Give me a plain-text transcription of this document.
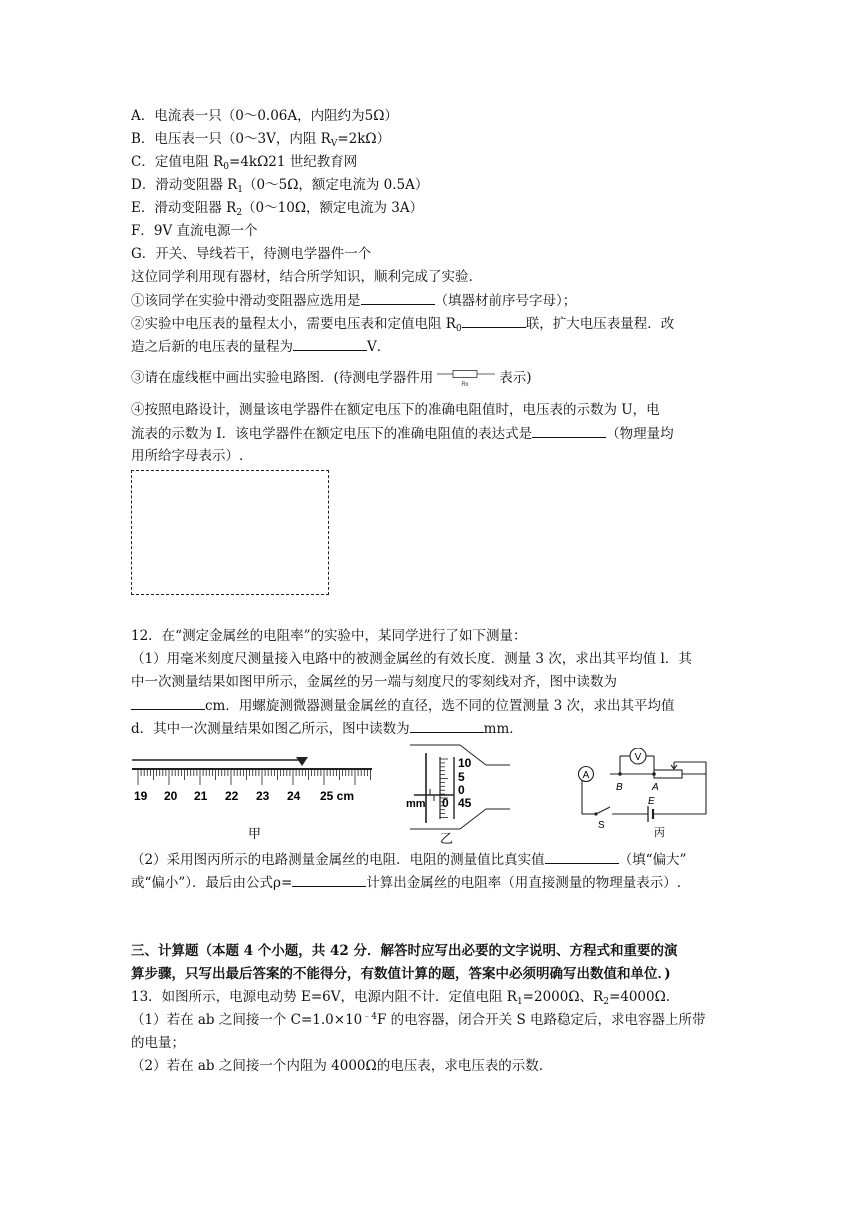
A．电流表一只（0～0.06A，内阻约为5Ω）
B．电压表一只（0～3V，内阻 $R_V=2k\Omega$）
C．定值电阻 $R_0=4k\Omega 21$ 世纪教育网
D．滑动变阻器 $R_1(0\sim 5\Omega$，额定电流为 0.5A）
E．滑动变阻器 $R_2(0\sim 10\Omega$，额定电流为 3A）
F．9V 直流电源一个
G．开关、导线若干，待测电学器件一个
这位同学利用现有器材，结合所学知识，顺利完成了实验.
①该同学在实验中滑动变阻器应选用是	（填器材前序号字母）；
②实验中电压表的量程太小，需要电压表和定值电阻 $R_0$	联，扩大电压表量程．改
造之后新的电压表的量程为	V．
③请在虚线框中画出实验电路图．(待测电学器件用	Rx 表示)
④按照电路设计，测量该电学器件在额定电压下的准确电阻值时，电压表的示数为 U，电
流表的示数为 I．该电学器件在额定电压下的准确电阻值的表达式是	（物理量均
用所给字母表示）.
12．在“测定金属丝的电阻率”的实验中，某同学进行了如下测量：
（1）用毫米刻度尺测量接入电路中的被测金属丝的有效长度．测量 3 次，求出其平均值 l．其
中一次测量结果如图甲所示，金属丝的另一端与刻度尺的零刻线对齐，图中读数为
cm．用螺旋测微器测量金属丝的直径，选不同的位置测量 3 次，求出其平均值
d．其中一次测量结果如图乙所示，图中读数为	mm．
19 20 21 22 23 24 25 cm
甲
10
5
0
45
mm 0
乙
V
A
B	A
E
S
丙
（2）采用图丙所示的电路测量金属丝的电阻．电阻的测量值比真实值	（填“偏大”
或“偏小”）．最后由公式ρ=	计算出金属丝的电阻率（用直接测量的物理量表示）.
三、计算题（本题 4 个小题，共 42 分．解答时应写出必要的文字说明、方程式和重要的演
算步骤，只写出最后答案的不能得分，有数值计算的题，答案中必须明确写出数值和单位．)
13．如图所示，电源电动势 E=6V，电源内阻不计．定值电阻 $R_1=2000\Omega$、$R_2=4000\Omega$.
（1）若在 ab 之间接一个 $C=1.0\times 10^{﹣4}F$ 的电容器，闭合开关 S 电路稳定后，求电容器上所带
的电量；
（2）若在 ab 之间接一个内阻为 4000Ω的电压表，求电压表的示数.
